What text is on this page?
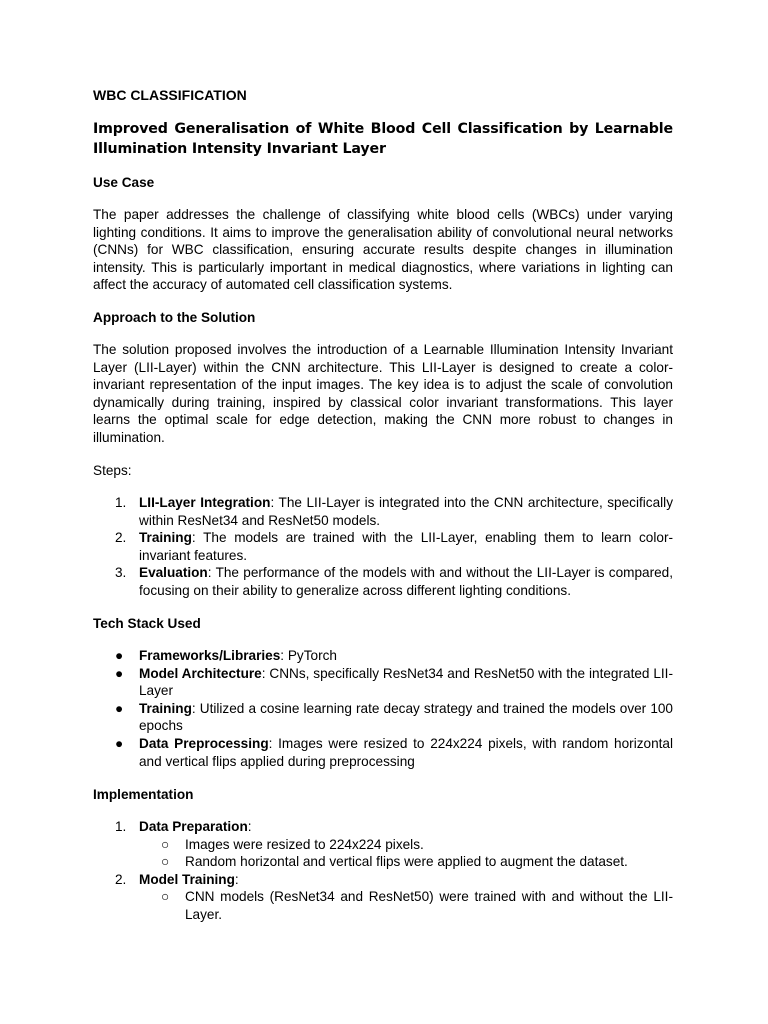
WBC CLASSIFICATION
Improved Generalisation of White Blood Cell Classification by Learnable Illumination Intensity Invariant Layer
Use Case
The paper addresses the challenge of classifying white blood cells (WBCs) under varying lighting conditions. It aims to improve the generalisation ability of convolutional neural networks (CNNs) for WBC classification, ensuring accurate results despite changes in illumination intensity. This is particularly important in medical diagnostics, where variations in lighting can affect the accuracy of automated cell classification systems.
Approach to the Solution
The solution proposed involves the introduction of a Learnable Illumination Intensity Invariant Layer (LII-Layer) within the CNN architecture. This LII-Layer is designed to create a color-invariant representation of the input images. The key idea is to adjust the scale of convolution dynamically during training, inspired by classical color invariant transformations. This layer learns the optimal scale for edge detection, making the CNN more robust to changes in illumination.
Steps:
1. LII-Layer Integration: The LII-Layer is integrated into the CNN architecture, specifically within ResNet34 and ResNet50 models.
2. Training: The models are trained with the LII-Layer, enabling them to learn color-invariant features.
3. Evaluation: The performance of the models with and without the LII-Layer is compared, focusing on their ability to generalize across different lighting conditions.
Tech Stack Used
● Frameworks/Libraries: PyTorch
● Model Architecture: CNNs, specifically ResNet34 and ResNet50 with the integrated LII-Layer
● Training: Utilized a cosine learning rate decay strategy and trained the models over 100 epochs
● Data Preprocessing: Images were resized to 224x224 pixels, with random horizontal and vertical flips applied during preprocessing
Implementation
1. Data Preparation:
○ Images were resized to 224x224 pixels.
○ Random horizontal and vertical flips were applied to augment the dataset.
2. Model Training:
○ CNN models (ResNet34 and ResNet50) were trained with and without the LII-Layer.
